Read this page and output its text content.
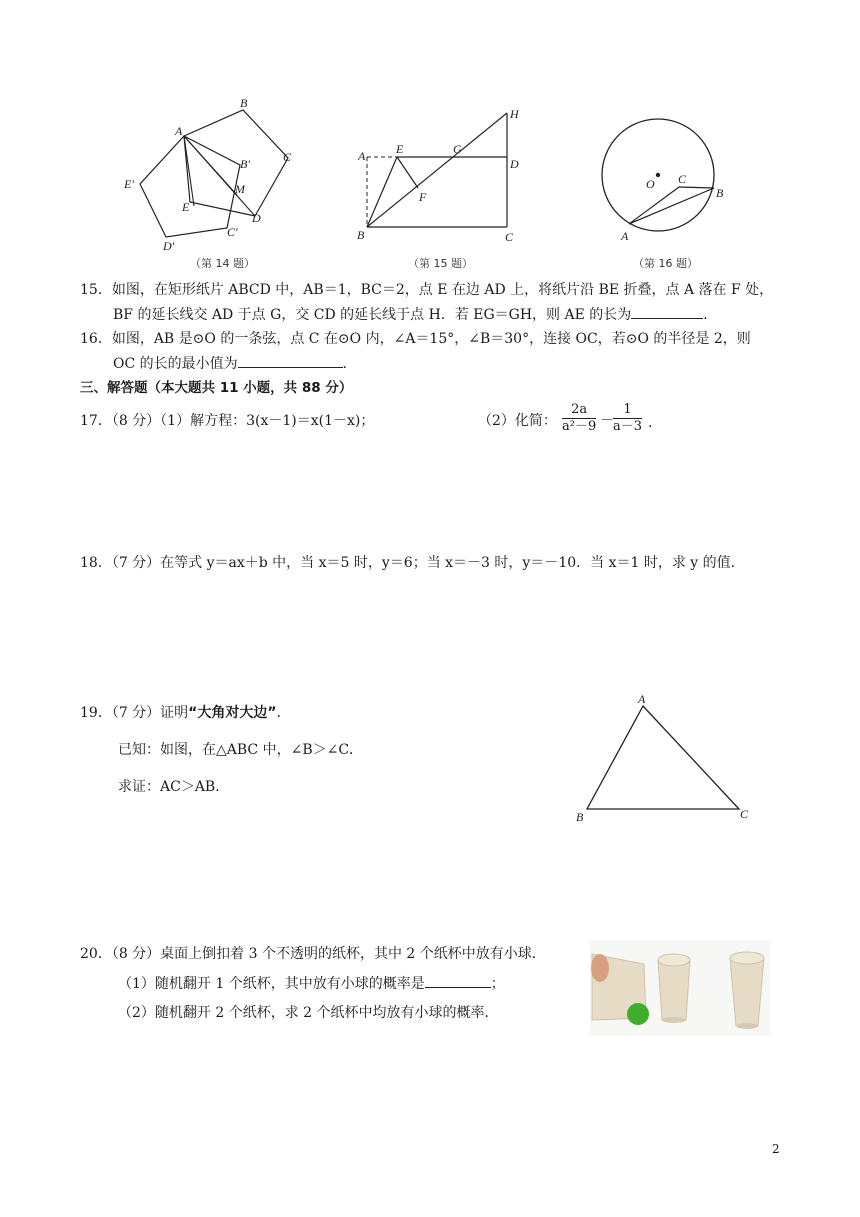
A
B
C
D
D′
C′
E′
E
B′
M
（第 14 题）
A	E	G
H
D
F
B	C
（第 15 题）
O C
B
A
（第 16 题）
15．如图，在矩形纸片 ABCD 中，AB＝1，BC＝2，点 E 在边 AD 上，将纸片沿 BE 折叠，点 A 落在 F 处，
BF 的延长线交 AD 于点 G，交 CD 的延长线于点 H．若 EG＝GH，则 AE 的长为	．
16．如图，AB 是⊙O 的一条弦，点 C 在⊙O 内，∠A＝15°，∠B＝30°，连接 OC，若⊙O 的半径是 2，则
OC 的长的最小值为	．
三、解答题（本大题共 11 小题，共 88 分）
17．（8 分）（1）解方程：3(x－1)＝x(1－x)；	（2）化简： $\frac{2a}{\text{a²－9}} - \frac{1}{a-3}$ .
18．（7 分）在等式 y＝ax＋b 中，当 x＝5 时，y＝6；当 x＝－3 时，y＝－10．当 x＝1 时，求 y 的值．
19．（7 分）证明“大角对大边”．
已知：如图，在△ABC 中，∠B＞∠C．
求证：AC＞AB．
A
B	C
20．（8 分）桌面上倒扣着 3 个不透明的纸杯，其中 2 个纸杯中放有小球．
（1）随机翻开 1 个纸杯，其中放有小球的概率是	；
（2）随机翻开 2 个纸杯，求 2 个纸杯中均放有小球的概率．
2
